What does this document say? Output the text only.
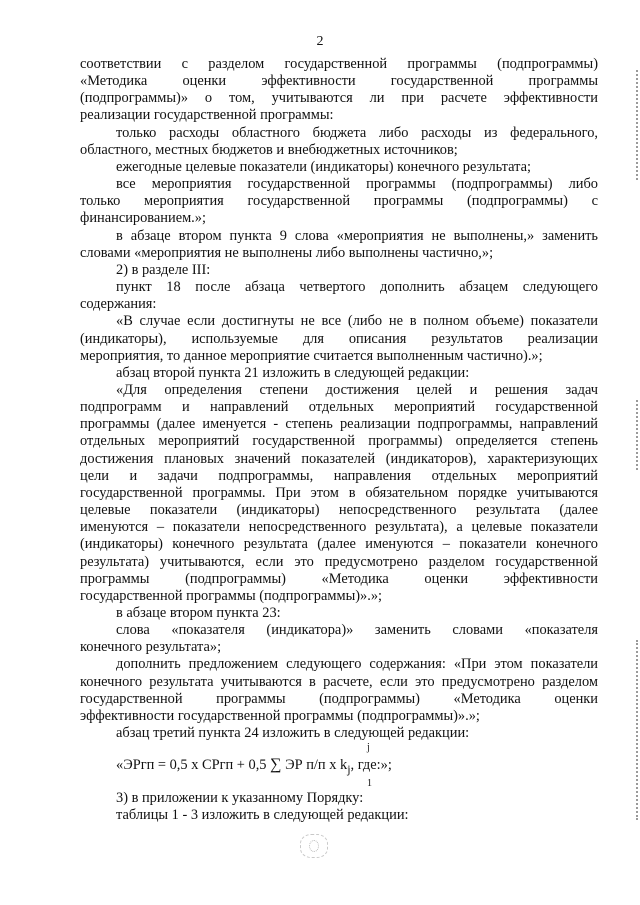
2

соответствии с разделом государственной программы (подпрограммы)

«Методика оценки эффективности государственной программы

(подпрограммы)» о том, учитываются ли при расчете эффективности

реализации государственной программы:

только расходы областного бюджета либо расходы из федерального,

областного, местных бюджетов и внебюджетных источников;

ежегодные целевые показатели (индикаторы) конечного результата;

все мероприятия государственной программы (подпрограммы) либо

только мероприятия государственной программы (подпрограммы) с

финансированием.»;

в абзаце втором пункта 9 слова «мероприятия не выполнены,» заменить

словами «мероприятия не выполнены либо выполнены частично,»;

2) в разделе III:

пункт 18 после абзаца четвертого дополнить абзацем следующего

содержания:

«В случае если достигнуты не все (либо не в полном объеме) показатели

(индикаторы), используемые для описания результатов реализации

мероприятия, то данное мероприятие считается выполненным частично).»;

абзац второй пункта 21 изложить в следующей редакции:

«Для определения степени достижения целей и решения задач

подпрограмм и направлений отдельных мероприятий государственной

программы (далее именуется - степень реализации подпрограммы, направлений

отдельных мероприятий государственной программы) определяется степень

достижения плановых значений показателей (индикаторов), характеризующих

цели и задачи подпрограммы, направления отдельных мероприятий

государственной программы. При этом в обязательном порядке учитываются

целевые показатели (индикаторы) непосредственного результата (далее

именуются – показатели непосредственного результата), а целевые показатели

(индикаторы) конечного результата (далее именуются – показатели конечного

результата) учитываются, если это предусмотрено разделом государственной

программы (подпрограммы) «Методика оценки эффективности

государственной программы (подпрограммы)».»;

в абзаце втором пункта 23:

слова «показателя (индикатора)» заменить словами «показателя

конечного результата»;

дополнить предложением следующего содержания: «При этом показатели

конечного результата учитываются в расчете, если это предусмотрено разделом

государственной программы (подпрограммы) «Методика оценки

эффективности государственной программы (подпрограммы)».»;

абзац третий пункта 24 изложить в следующей редакции:

j
«ЭРгп = 0,5 х СРгп + 0,5 ∑ ЭР п/п х $k_j$, где:»;
1

3) в приложении к указанному Порядку:

таблицы 1 - 3 изложить в следующей редакции:
